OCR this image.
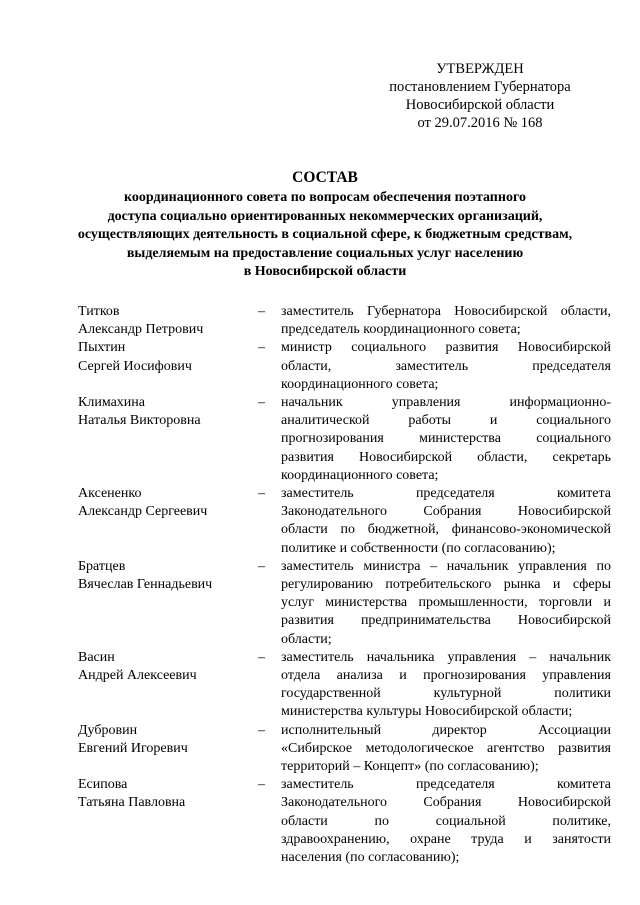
УТВЕРЖДЕН
постановлением Губернатора
Новосибирской области
от 29.07.2016 № 168
СОСТАВ
координационного совета по вопросам обеспечения поэтапного
доступа социально ориентированных некоммерческих организаций,
осуществляющих деятельность в социальной сфере, к бюджетным средствам,
выделяемым на предоставление социальных услуг населению
в Новосибирской области
Титков
Александр Петрович
– заместитель Губернатора Новосибирской области,
председатель координационного совета;
Пыхтин
Сергей Иосифович
– министр социального развития Новосибирской
области, заместитель председателя
координационного совета;
Климахина
Наталья Викторовна
– начальник управления информационно-
аналитической работы и социального
прогнозирования министерства социального
развития Новосибирской области, секретарь
координационного совета;
Аксененко
Александр Сергеевич
– заместитель председателя комитета
Законодательного Собрания Новосибирской
области по бюджетной, финансово-экономической
политике и собственности (по согласованию);
Братцев
Вячеслав Геннадьевич
– заместитель министра – начальник управления по
регулированию потребительского рынка и сферы
услуг министерства промышленности, торговли и
развития предпринимательства Новосибирской
области;
Васин
Андрей Алексеевич
– заместитель начальника управления – начальник
отдела анализа и прогнозирования управления
государственной культурной политики
министерства культуры Новосибирской области;
Дубровин
Евгений Игоревич
– исполнительный директор Ассоциации
«Сибирское методологическое агентство развития
территорий – Концепт» (по согласованию);
Есипова
Татьяна Павловна
– заместитель председателя комитета
Законодательного Собрания Новосибирской
области по социальной политике,
здравоохранению, охране труда и занятости
населения (по согласованию);
